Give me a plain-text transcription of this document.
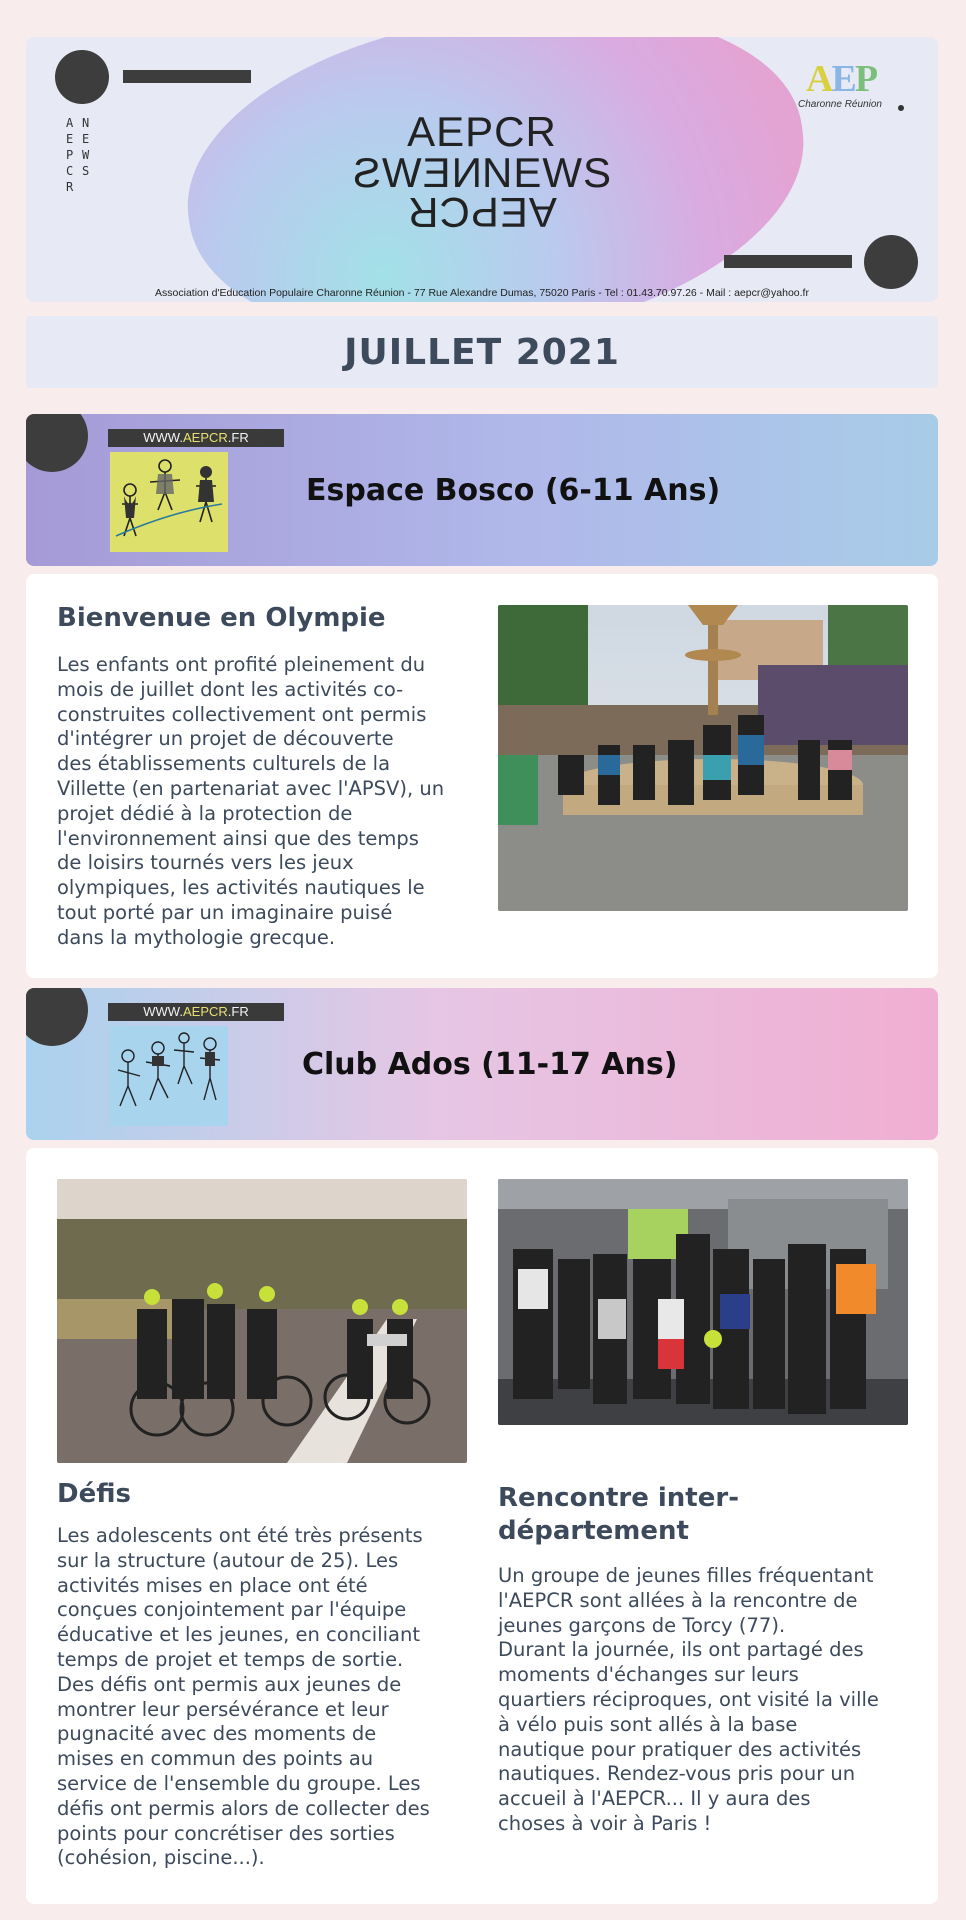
AEPCR
NEWS
AEPCR
NEWSNEWS
AEPCR
AEP
Charonne Réunion
Association d'Education Populaire Charonne Réunion - 77 Rue Alexandre Dumas, 75020 Paris - Tel : 01.43.70.97.26 - Mail : aepcr@yahoo.fr
JUILLET 2021
WWW.AEPCR.FR
Espace Bosco (6-11 Ans)
Bienvenue en Olympie
Les enfants ont profité pleinement du
mois de juillet dont les activités co-
construites collectivement ont permis
d'intégrer un projet de découverte
des établissements culturels de la
Villette (en partenariat avec l'APSV), un
projet dédié à la protection de
l'environnement ainsi que des temps
de loisirs tournés vers les jeux
olympiques, les activités nautiques le
tout porté par un imaginaire puisé
dans la mythologie grecque.
WWW.AEPCR.FR
Club Ados (11-17 Ans)
Défis
Les adolescents ont été très présents
sur la structure (autour de 25). Les
activités mises en place ont été
conçues conjointement par l'équipe
éducative et les jeunes, en conciliant
temps de projet et temps de sortie.
Des défis ont permis aux jeunes de
montrer leur persévérance et leur
pugnacité avec des moments de
mises en commun des points au
service de l'ensemble du groupe. Les
défis ont permis alors de collecter des
points pour concrétiser des sorties
(cohésion, piscine...).
Rencontre inter-
département
Un groupe de jeunes filles fréquentant
l'AEPCR sont allées à la rencontre de
jeunes garçons de Torcy (77).
Durant la journée, ils ont partagé des
moments d'échanges sur leurs
quartiers réciproques, ont visité la ville
à vélo puis sont allés à la base
nautique pour pratiquer des activités
nautiques. Rendez-vous pris pour un
accueil à l'AEPCR... Il y aura des
choses à voir à Paris !
